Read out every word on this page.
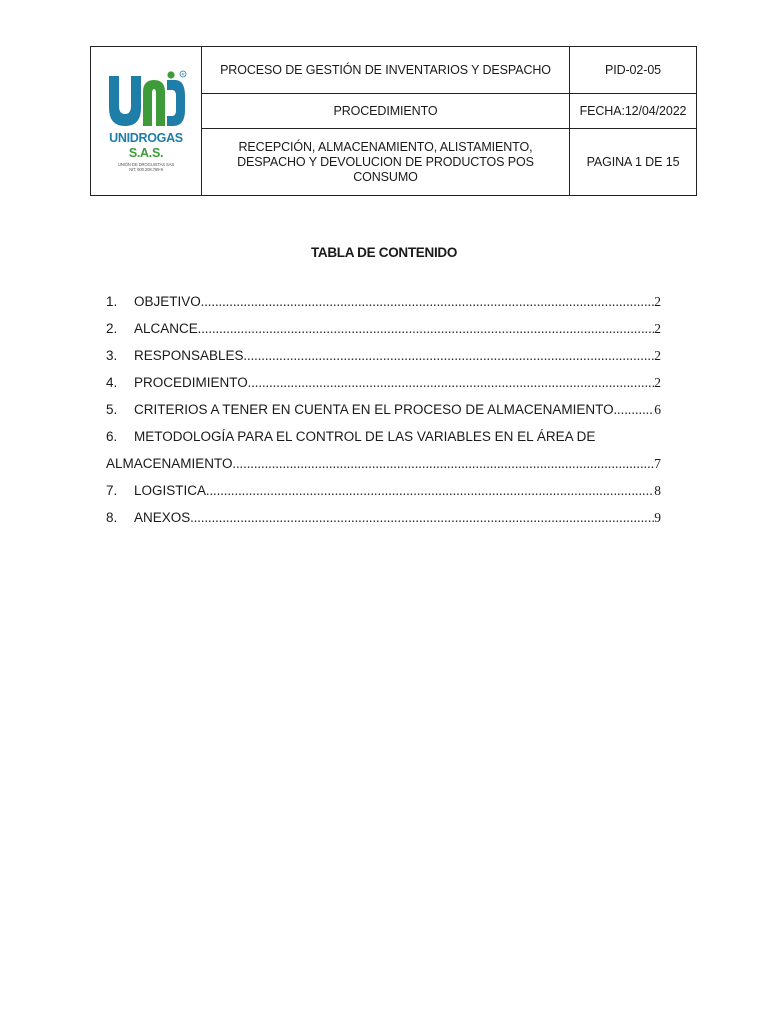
R
UNIDROGAS S.A.S.
UNIÓN DE DROGUISTAS SAS
NIT. 900.208.769-9	PROCESO DE GESTIÓN DE INVENTARIOS Y DESPACHO	PID-02-05
	PROCEDIMIENTO	FECHA:12/04/2022
	RECEPCIÓN, ALMACENAMIENTO, ALISTAMIENTO, DESPACHO Y DEVOLUCION DE PRODUCTOS POS CONSUMO	PAGINA 1 DE 15
TABLA DE CONTENIDO
1.	OBJETIVO .....	2
2.	ALCANCE .....	2
3.	RESPONSABLES .....	2
4.	PROCEDIMIENTO .....	2
5.	CRITERIOS A TENER EN CUENTA EN EL PROCESO DE ALMACENAMIENTO .....	6
6.	METODOLOGÍA PARA EL CONTROL DE LAS VARIABLES EN EL ÁREA DE
ALMACENAMIENTO .....	7
7.	LOGISTICA .....	8
8.	ANEXOS .....	9
